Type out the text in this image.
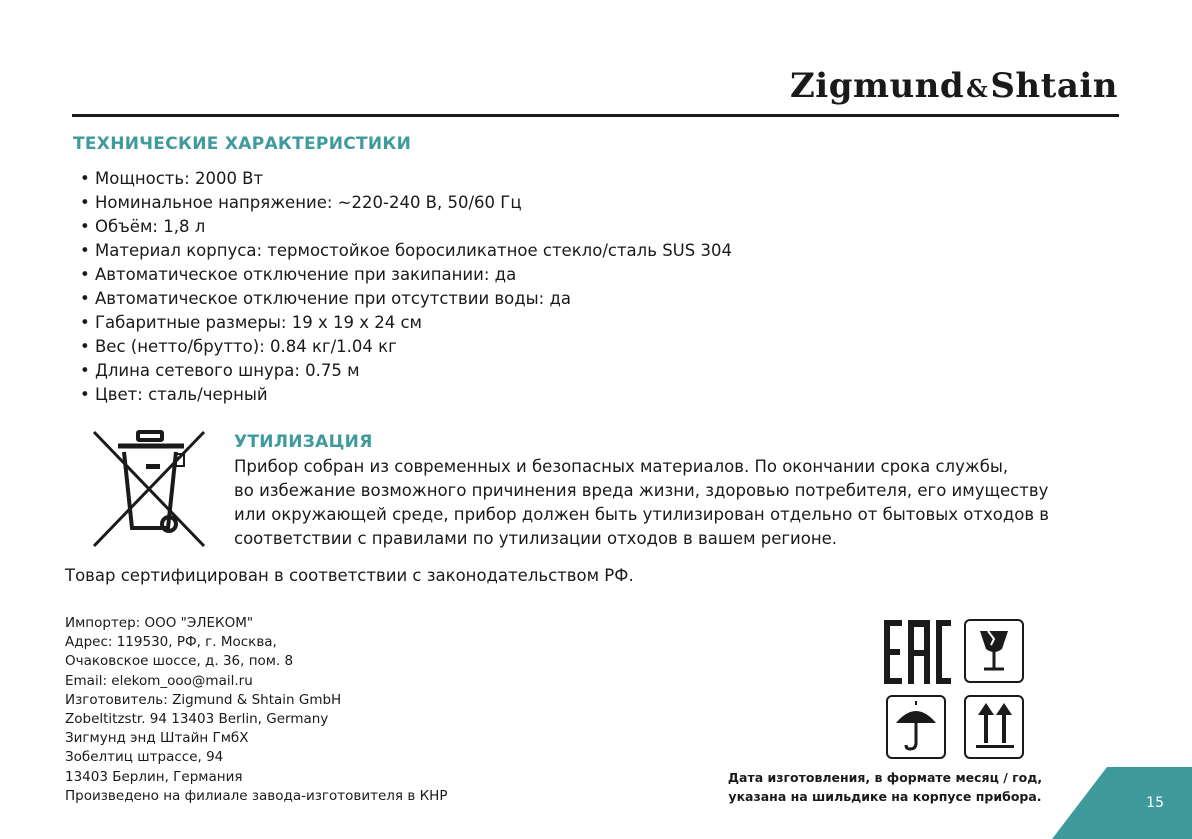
Zigmund&Shtain
ТЕХНИЧЕСКИЕ ХАРАКТЕРИСТИКИ
• Мощность: 2000 Вт
• Номинальное напряжение: ~220-240 В, 50/60 Гц
• Объём: 1,8 л
• Материал корпуса: термостойкое боросиликатное стекло/сталь SUS 304
• Автоматическое отключение при закипании: да
• Автоматическое отключение при отсутствии воды: да
• Габаритные размеры: 19 х 19 х 24 см
• Вес (нетто/брутто): 0.84 кг/1.04 кг
• Длина сетевого шнура: 0.75 м
• Цвет: сталь/черный
УТИЛИЗАЦИЯ
Прибор собран из современных и безопасных материалов. По окончании срока службы,
во избежание возможного причинения вреда жизни, здоровью потребителя, его имуществу
или окружающей среде, прибор должен быть утилизирован отдельно от бытовых отходов в
соответствии с правилами по утилизации отходов в вашем регионе.
Товар сертифицирован в соответствии с законодательством РФ.
Импортер: ООО "ЭЛЕКОМ"
Адрес: 119530, РФ, г. Москва,
Очаковское шоссе, д. 36, пом. 8
Email: elekom_ooo@mail.ru
Изготовитель: Zigmund & Shtain GmbH
Zobeltitzstr. 94 13403 Berlin, Germany
Зигмунд энд Штайн ГмбХ
Зобелтиц штрассе, 94
13403 Берлин, Германия
Произведено на филиале завода-изготовителя в КНР
Дата изготовления, в формате месяц / год,
указана на шильдике на корпусе прибора.	15
